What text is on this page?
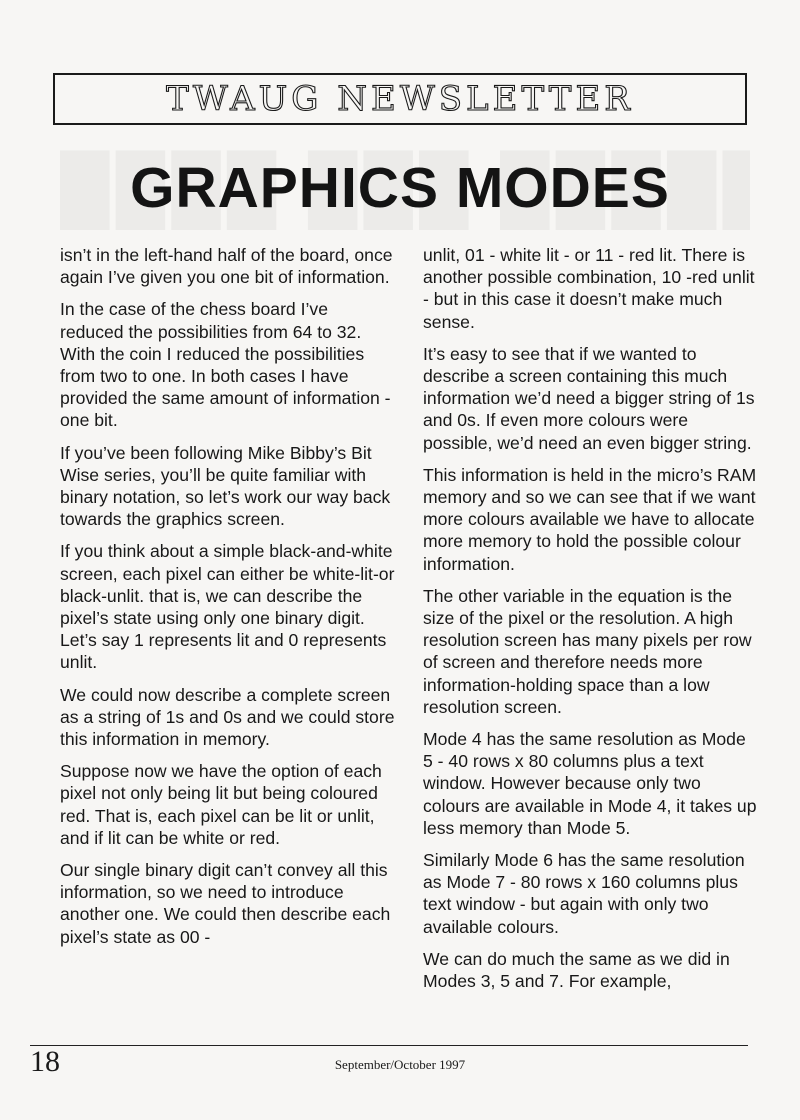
TWAUG NEWSLETTER
GRAPHICS MODES

isn’t in the left-hand half of the board, once again I’ve given you one bit of information.

In the case of the chess board I’ve reduced the possibilities from 64 to 32. With the coin I reduced the possibilities from two to one. In both cases I have provided the same amount of information - one bit.

If you’ve been following Mike Bibby’s Bit Wise series, you’ll be quite familiar with binary notation, so let’s work our way back towards the graphics screen.

If you think about a simple black-and-white screen, each pixel can either be white-lit-or black-unlit. that is, we can describe the pixel’s state using only one binary digit. Let’s say 1 represents lit and 0 represents unlit.

We could now describe a complete screen as a string of 1s and 0s and we could store this information in memory.

Suppose now we have the option of each pixel not only being lit but being coloured red. That is, each pixel can be lit or unlit, and if lit can be white or red.

Our single binary digit can’t convey all this information, so we need to introduce another one. We could then describe each pixel’s state as 00 -

unlit, 01 - white lit - or 11 - red lit. There is another possible combination, 10 -red unlit - but in this case it doesn’t make much sense.

It’s easy to see that if we wanted to describe a screen containing this much information we’d need a bigger string of 1s and 0s. If even more colours were possible, we’d need an even bigger string.

This information is held in the micro’s RAM memory and so we can see that if we want more colours available we have to allocate more memory to hold the possible colour information.

The other variable in the equation is the size of the pixel or the resolution. A high resolution screen has many pixels per row of screen and therefore needs more information-holding space than a low resolution screen.

Mode 4 has the same resolution as Mode 5 - 40 rows x 80 columns plus a text window. However because only two colours are available in Mode 4, it takes up less memory than Mode 5.

Similarly Mode 6 has the same resolution as Mode 7 - 80 rows x 160 columns plus text window - but again with only two available colours.

We can do much the same as we did in Modes 3, 5 and 7. For example,

18	September/October 1997
